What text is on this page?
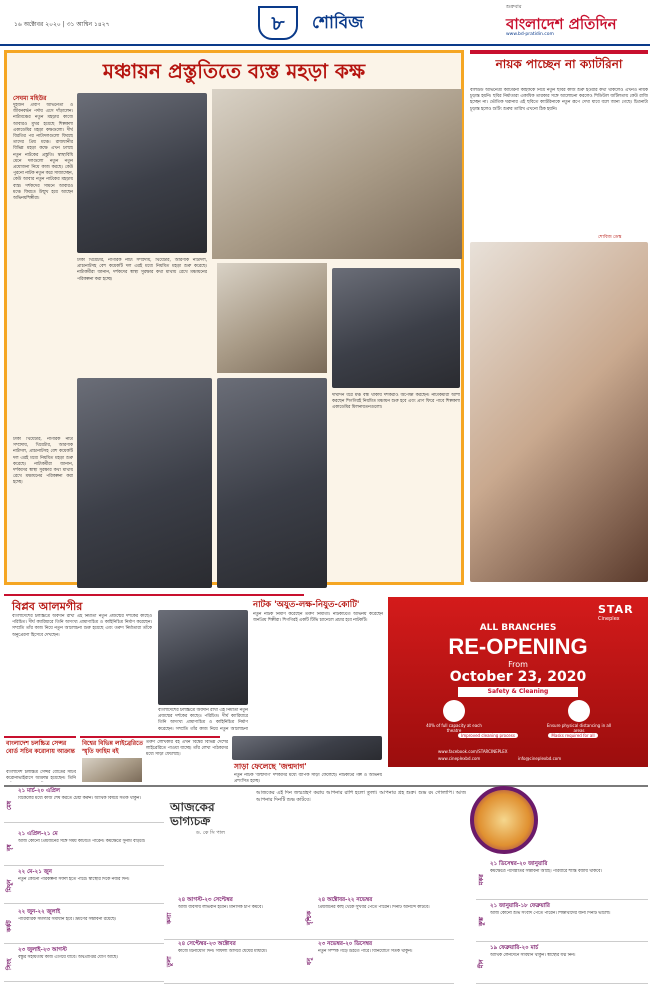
১৬ অক্টোবর ২০২০ | ৩১ আশ্বিন ১৪২৭	৮	শোবিজ
শুক্রবার
বাংলাদেশ প্রতিদিন
www.bd-pratidin.com
মঞ্চায়ন প্রস্তুতিতে ব্যস্ত মহড়া কক্ষ
সেঘমা মহিউর
দুইজন প্রবীণ অভিনেতা ও জীবনবর্দ্ধন পর্দায় এসে দাঁড়ালেন। নাট্যমঞ্চের নতুন মহড়ার কাজে আবারও মুখর হয়েছে শিল্পকলা একাডেমির মহড়া কক্ষগুলো। দীর্ঘ বিরতির পর নাট্যদলগুলো ফিরছে তাদের প্রিয় মঞ্চে। রাজধানীর বিভিন্ন মহড়া কক্ষে এখন চলছে নতুন নাটকের প্রস্তুতি। স্বাস্থ্যবিধি মেনে দলগুলো নতুন নতুন প্রযোজনা নিয়ে কাজ করছে। কেউ পুরনো নাটক নতুন করে সাজাচ্ছেন, কেউ আবার নতুন নাটকের মহড়ায় ব্যস্ত। দর্শকদের সামনে আবারও মঞ্চে ফিরতে উন্মুখ হয়ে আছেন অভিনয়শিল্পীরা।
ঢাকা থিয়েটার, নাগরিক নাট্য সম্প্রদায়, থিয়েটার, আরণ্যক নাট্যদল, প্রাচ্যনাটসহ বেশ কয়েকটি দল এরই মধ্যে নিয়মিত মহড়া শুরু করেছে। নাট্যকর্মীরা জানান, দর্শকদের স্বাস্থ্য সুরক্ষার কথা মাথায় রেখে মঞ্চায়নের পরিকল্পনা করা হচ্ছে।
ঢাকা থিয়েটার, নাগরিক নাট্য সম্প্রদায়, থিয়েটার, আরণ্যক নাট্যদল, প্রাচ্যনাটসহ বেশ কয়েকটি দল এরই মধ্যে নিয়মিত মহড়া শুরু করেছে। নাট্যকর্মীরা জানান, দর্শকদের স্বাস্থ্য সুরক্ষার কথা মাথায় রেখে মঞ্চায়নের পরিকল্পনা করা হচ্ছে।
দীর্ঘদিন ধরে মঞ্চ বন্ধ থাকায় দর্শকরাও অপেক্ষা করছেন। নাট্যকর্মীরা আশা করছেন শিগগিরই নিয়মিত মঞ্চায়ন শুরু হবে এবং প্রাণ ফিরে পাবে শিল্পকলা একাডেমির মিলনায়তনগুলো।
নায়ক পাচ্ছেন না ক্যাটরিনা
বলিউড অভিনেত্রী ক্যাটরিনা কাইফকে নিয়ে নতুন ছবির কাজ শুরু হওয়ার কথা থাকলেও এখনও নায়ক চূড়ান্ত হয়নি। ছবির নির্মাতারা একাধিক তারকার সঙ্গে আলোচনা করলেও শিডিউল জটিলতায় কেউ রাজি হচ্ছেন না। ভৌতিক ঘরানার এই ছবিতে ক্যাটরিনাকে নতুন রূপে দেখা যাবে বলে জানা গেছে। চিত্রনাট্য চূড়ান্ত হলেও শুটিং শুরুর তারিখ এখনো ঠিক হয়নি।
শোবিজ ডেস্ক
বিপ্লব আলমগীর
বাংলাদেশের চলচ্চিত্রে অবদান রাখা এই নির্মাতা নতুন প্রজন্মের দর্শকের কাছেও পরিচিত। দীর্ঘ ক্যারিয়ারে তিনি অসংখ্য প্রামাণ্যচিত্র ও কাহিনিচিত্র নির্মাণ করেছেন। সম্প্রতি তাঁর কাজ নিয়ে নতুন আলোচনা শুরু হয়েছে এবং তরুণ নির্মাতারা তাঁকে অনুপ্রেরণা হিসেবে দেখছেন।
বাংলাদেশের চলচ্চিত্রে অবদান রাখা এই নির্মাতা নতুন প্রজন্মের দর্শকের কাছেও পরিচিত। দীর্ঘ ক্যারিয়ারে তিনি অসংখ্য প্রামাণ্যচিত্র ও কাহিনিচিত্র নির্মাণ করেছেন। সম্প্রতি তাঁর কাজ নিয়ে নতুন আলোচনা
নাটক 'অযুত-লক্ষ-নিযুত-কোটি'
নতুন নাটক নির্মাণ করেছেন তরুণ নির্মাতা। নাটকটিতে অভিনয় করেছেন জনপ্রিয় শিল্পীরা। শিগগিরই একটি টিভি চ্যানেলে প্রচার হবে নাটকটি।
বাংলাদেশ চলচ্চিত্র সেন্সর বোর্ড সচিব করোনায় আক্রান্ত
বাংলাদেশ চলচ্চিত্র সেন্সর বোর্ডের সচিব করোনাভাইরাসে আক্রান্ত হয়েছেন। তিনি
বিশ্বের বিভিন্ন লাইব্রেরিতে স্মৃতি ফাহিম বই
তরুণ লেখিকার বই এখন বিশ্বের বিভিন্ন দেশের লাইব্রেরিতে পাওয়া যাচ্ছে। তাঁর লেখা পাঠকদের মধ্যে সাড়া ফেলেছে।
সাড়া ফেলেছে 'জন্মদাগ'
নতুন নাটক 'জন্মদাগ' দর্শকদের মধ্যে ব্যাপক সাড়া ফেলেছে। নাটকটির গল্প ও অভিনয় প্রশংসিত হচ্ছে।
STAR
Cineplex
ALL BRANCHES
RE-OPENING
From
October 23, 2020
Safety & Cleaning
40% of full capacity at each theatre
Ensure physical distancing in all areas
Improved cleaning process	Masks required for all
www.facebook.com/STARCINEPLEX
www.cineplexbd.com	info@cineplexbd.com
আজকের ভাগ্যচক্র
ড. কে সি পাল
আজকের এই দিন জন্মগ্রহণ করায় আপনার রাশি হলো তুলা। আপনার গ্রহ শুক্র। শুভ রং গোলাপি। আজ আপনার দিনটি শুভ কাটবে।
মেষ
২১ মার্চ-২০ এপ্রিল
বিকেলের মধ্যে কাজ শেষ করতে চেষ্টা করুন। আর্থিক বিষয়ে সতর্ক থাকুন।
বৃষ
২১ এপ্রিল-২১ মে
আজ কোনো প্রিয়জনের সঙ্গে সময় কাটাতে পারেন। কর্মক্ষেত্রে সুনাম বাড়বে।
মিথুন
২২ মে-২১ জুন
নতুন কোনো পরিকল্পনা সফল হতে পারে। স্বাস্থ্যের দিকে নজর দিন।
কর্কট
২২ জুন-২২ জুলাই
পারিবারিক সমস্যার সমাধান হবে। ভ্রমণের সম্ভাবনা রয়েছে।
সিংহ
২৩ জুলাই-২৩ আগস্ট
বন্ধুর সহায়তায় কাজ এগিয়ে যাবে। অর্থপ্রাপ্তির যোগ আছে।
কন্যা
২৪ আগস্ট-২৩ সেপ্টেম্বর
আজ ব্যবসায় লাভবান হবেন। মানসিক চাপ কমবে।
তুলা
২৪ সেপ্টেম্বর-২৩ অক্টোবর
কাজে মনোযোগ দিন। সাফল্য আসবে ধৈর্যের মাধ্যমে।
বৃশ্চিক
২৪ অক্টোবর-২২ নভেম্বর
প্রিয়জনের কাছ থেকে সুখবর পেতে পারেন। দিনটি আনন্দে কাটবে।
ধনু
২৩ নভেম্বর-২০ ডিসেম্বর
নতুন সম্পর্ক গড়ে উঠতে পারে। বিনিয়োগে সতর্ক থাকুন।
মকর
২১ ডিসেম্বর-২০ জানুয়ারি
কর্মক্ষেত্রে পদোন্নতির সম্ভাবনা আছে। পরিবারে শান্তি বজায় থাকবে।
কুম্ভ
২১ জানুয়ারি-১৮ ফেব্রুয়ারি
আজ কোনো শুভ সংবাদ পেতে পারেন। শিক্ষার্থীদের জন্য দিনটি ভালো।
মীন
১৯ ফেব্রুয়ারি-২০ মার্চ
আর্থিক লেনদেনে সাবধান থাকুন। স্বাস্থ্যের যত্ন নিন।
